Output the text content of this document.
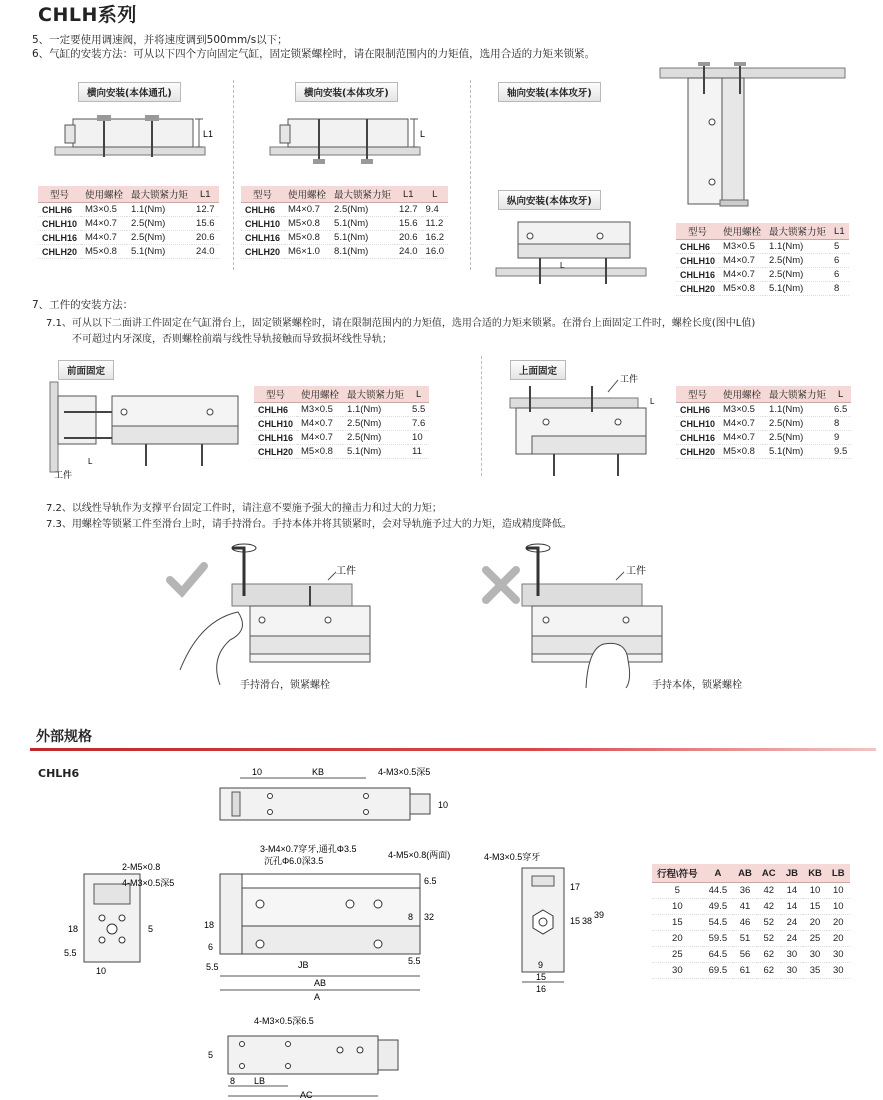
CHLH系列
5、一定要使用调速阀，并将速度调到500mm/s以下；
6、气缸的安装方法：可从以下四个方向固定气缸，固定锁紧螺栓时，请在限制范围内的力矩值，选用合适的力矩来锁紧。
横向安装(本体通孔)
L1
型号	使用螺栓	最大锁紧力矩	L1
CHLH6	M3×0.5	1.1(Nm)	12.7
CHLH10	M4×0.7	2.5(Nm)	15.6
CHLH16	M4×0.7	2.5(Nm)	20.6
CHLH20	M5×0.8	5.1(Nm)	24.0
横向安装(本体攻牙)
L
型号	使用螺栓	最大锁紧力矩	L1	L
CHLH6	M4×0.7	2.5(Nm)	12.7	9.4
CHLH10	M5×0.8	5.1(Nm)	15.6	11.2
CHLH16	M5×0.8	5.1(Nm)	20.6	16.2
CHLH20	M6×1.0	8.1(Nm)	24.0	16.0
轴向安装(本体攻牙)
纵向安装(本体攻牙)
L
型号	使用螺栓	最大锁紧力矩	L1
CHLH6	M3×0.5	1.1(Nm)	5
CHLH10	M4×0.7	2.5(Nm)	6
CHLH16	M4×0.7	2.5(Nm)	6
CHLH20	M5×0.8	5.1(Nm)	8
7、工件的安装方法：
7.1、可从以下二面讲工件固定在气缸滑台上，固定锁紧螺栓时，请在限制范围内的力矩值，选用合适的力矩来锁紧。在滑台上面固定工件时，螺栓长度(图中L值)
不可超过内牙深度，否则螺栓前端与线性导轨接触而导致损坏线性导轨；
前面固定
工件
L
型号	使用螺栓	最大锁紧力矩	L
CHLH6	M3×0.5	1.1(Nm)	5.5
CHLH10	M4×0.7	2.5(Nm)	7.6
CHLH16	M4×0.7	2.5(Nm)	10
CHLH20	M5×0.8	5.1(Nm)	11
上面固定
工件
L
型号	使用螺栓	最大锁紧力矩	L
CHLH6	M3×0.5	1.1(Nm)	6.5
CHLH10	M4×0.7	2.5(Nm)	8
CHLH16	M4×0.7	2.5(Nm)	9
CHLH20	M5×0.8	5.1(Nm)	9.5
7.2、以线性导轨作为支撑平台固定工件时，请注意不要施予强大的撞击力和过大的力矩；
7.3、用螺栓等锁紧工件至滑台上时，请手持滑台。手持本体并将其锁紧时，会对导轨施予过大的力矩，造成精度降低。
工件
手持滑台，锁紧螺栓
工件
手持本体，锁紧螺栓
外部规格
CHLH6	10	KB	4-M3×0.5深5
10
2-M5×0.8
4-M3×0.5深5
18
5.5
10
5
3-M4×0.7穿牙,通孔Φ3.5
沉孔Φ6.0深3.5
4-M5×0.8(两面)
18
6
5.5	JB
AB
A
8 32
5.5
6.5
4-M3×0.5穿牙
17
15 38
39
9
15
16
行程\符号	A	AB	AC	JB	KB	LB
5	44.5	36	42	14	10	10
10	49.5	41	42	14	15	10
15	54.5	46	52	24	20	20
20	59.5	51	52	24	25	20
25	64.5	56	62	30	30	30
30	69.5	61	62	30	35	30
4-M3×0.5深6.5
5
8 LB
AC
